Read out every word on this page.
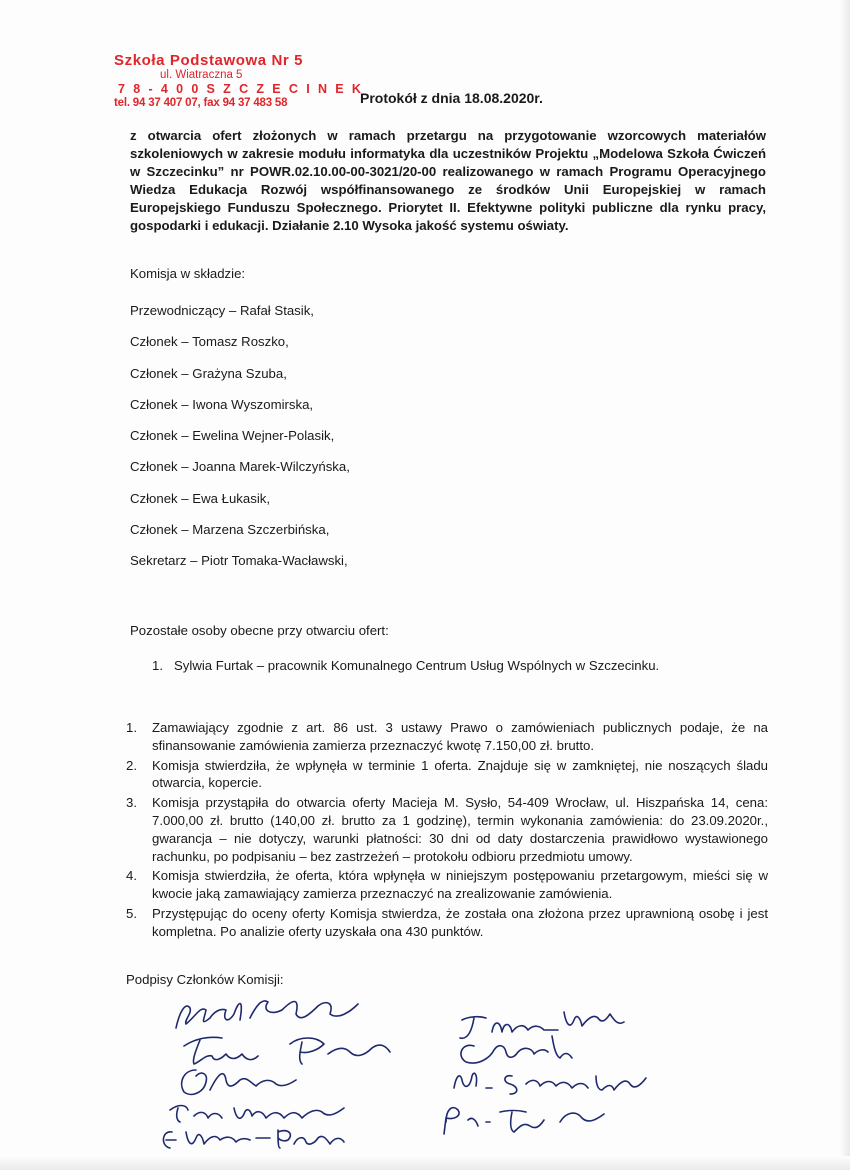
Szkoła Podstawowa Nr 5
ul. Wiatraczna 5
7 8 - 4 0 0 S Z C Z E C I N E K
tel. 94 37 407 07, fax 94 37 483 58	Protokół z dnia 18.08.2020r.
z otwarcia ofert złożonych w ramach przetargu na przygotowanie wzorcowych materiałów szkoleniowych w zakresie modułu informatyka dla uczestników Projektu „Modelowa Szkoła Ćwiczeń w Szczecinku” nr POWR.02.10.00-00-3021/20-00 realizowanego w ramach Programu Operacyjnego Wiedza Edukacja Rozwój współfinansowanego ze środków Unii Europejskiej w ramach Europejskiego Funduszu Społecznego. Priorytet II. Efektywne polityki publiczne dla rynku pracy, gospodarki i edukacji. Działanie 2.10 Wysoka jakość systemu oświaty.
Komisja w składzie:
Przewodniczący – Rafał Stasik,
Członek – Tomasz Roszko,
Członek – Grażyna Szuba,
Członek – Iwona Wyszomirska,
Członek – Ewelina Wejner-Polasik,
Członek – Joanna Marek-Wilczyńska,
Członek – Ewa Łukasik,
Członek – Marzena Szczerbińska,
Sekretarz – Piotr Tomaka-Wacławski,
Pozostałe osoby obecne przy otwarciu ofert:
1. Sylwia Furtak – pracownik Komunalnego Centrum Usług Wspólnych w Szczecinku.
1. Zamawiający zgodnie z art. 86 ust. 3 ustawy Prawo o zamówieniach publicznych podaje, że na sfinansowanie zamówienia zamierza przeznaczyć kwotę 7.150,00 zł. brutto.
2. Komisja stwierdziła, że wpłynęła w terminie 1 oferta. Znajduje się w zamkniętej, nie noszących śladu otwarcia, kopercie.
3. Komisja przystąpiła do otwarcia oferty Macieja M. Sysło, 54-409 Wrocław, ul. Hiszpańska 14, cena: 7.000,00 zł. brutto (140,00 zł. brutto za 1 godzinę), termin wykonania zamówienia: do 23.09.2020r., gwarancja – nie dotyczy, warunki płatności: 30 dni od daty dostarczenia prawidłowo wystawionego rachunku, po podpisaniu – bez zastrzeżeń – protokołu odbioru przedmiotu umowy.
4. Komisja stwierdziła, że oferta, która wpłynęła w niniejszym postępowaniu przetargowym, mieści się w kwocie jaką zamawiający zamierza przeznaczyć na zrealizowanie zamówienia.
5. Przystępując do oceny oferty Komisja stwierdza, że została ona złożona przez uprawnioną osobę i jest kompletna. Po analizie oferty uzyskała ona 430 punktów.
Podpisy Członków Komisji:
